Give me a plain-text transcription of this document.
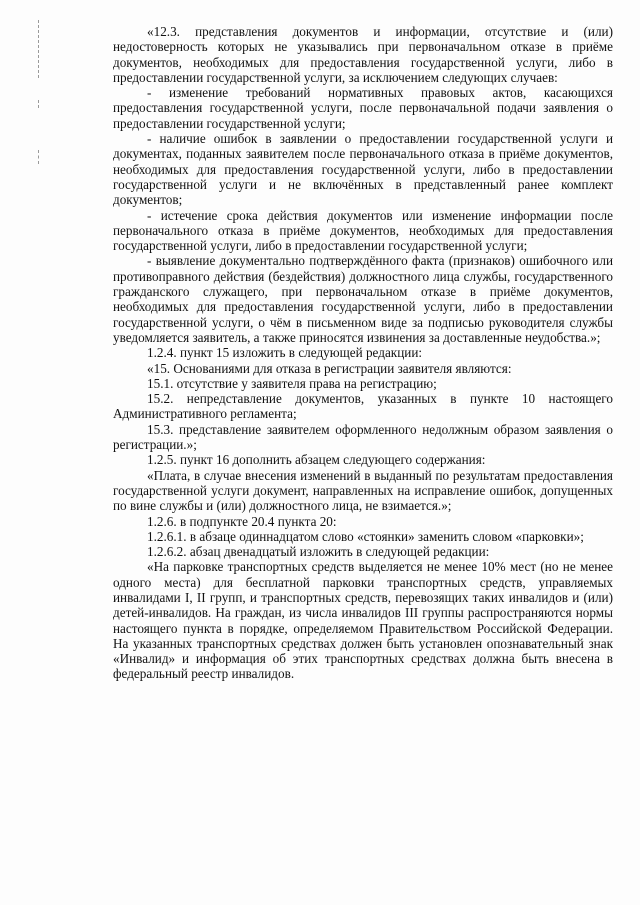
«12.3. представления документов и информации, отсутствие и (или) недостоверность которых не указывались при первоначальном отказе в приёме документов, необходимых для предоставления государственной услуги, либо в предоставлении государственной услуги, за исключением следующих случаев:

- изменение требований нормативных правовых актов, касающихся предоставления государственной услуги, после первоначальной подачи заявления о предоставлении государственной услуги;

- наличие ошибок в заявлении о предоставлении государственной услуги и документах, поданных заявителем после первоначального отказа в приёме документов, необходимых для предоставления государственной услуги, либо в предоставлении государственной услуги и не включённых в представленный ранее комплект документов;

- истечение срока действия документов или изменение информации после первоначального отказа в приёме документов, необходимых для предоставления государственной услуги, либо в предоставлении государственной услуги;

- выявление документально подтверждённого факта (признаков) ошибочного или противоправного действия (бездействия) должностного лица службы, государственного гражданского служащего, при первоначальном отказе в приёме документов, необходимых для предоставления государственной услуги, либо в предоставлении государственной услуги, о чём в письменном виде за подписью руководителя службы уведомляется заявитель, а также приносятся извинения за доставленные неудобства.»;

1.2.4. пункт 15 изложить в следующей редакции:

«15. Основаниями для отказа в регистрации заявителя являются:

15.1. отсутствие у заявителя права на регистрацию;

15.2. непредставление документов, указанных в пункте 10 настоящего Административного регламента;

15.3. представление заявителем оформленного недолжным образом заявления о регистрации.»;

1.2.5. пункт 16 дополнить абзацем следующего содержания:

«Плата, в случае внесения изменений в выданный по результатам предоставления государственной услуги документ, направленных на исправление ошибок, допущенных по вине службы и (или) должностного лица, не взимается.»;

1.2.6. в подпункте 20.4 пункта 20:

1.2.6.1. в абзаце одиннадцатом слово «стоянки» заменить словом «парковки»;

1.2.6.2. абзац двенадцатый изложить в следующей редакции:

«На парковке транспортных средств выделяется не менее 10% мест (но не менее одного места) для бесплатной парковки транспортных средств, управляемых инвалидами I, II групп, и транспортных средств, перевозящих таких инвалидов и (или) детей-инвалидов. На граждан, из числа инвалидов III группы распространяются нормы настоящего пункта в порядке, определяемом Правительством Российской Федерации. На указанных транспортных средствах должен быть установлен опознавательный знак «Инвалид» и информация об этих транспортных средствах должна быть внесена в федеральный реестр инвалидов.
